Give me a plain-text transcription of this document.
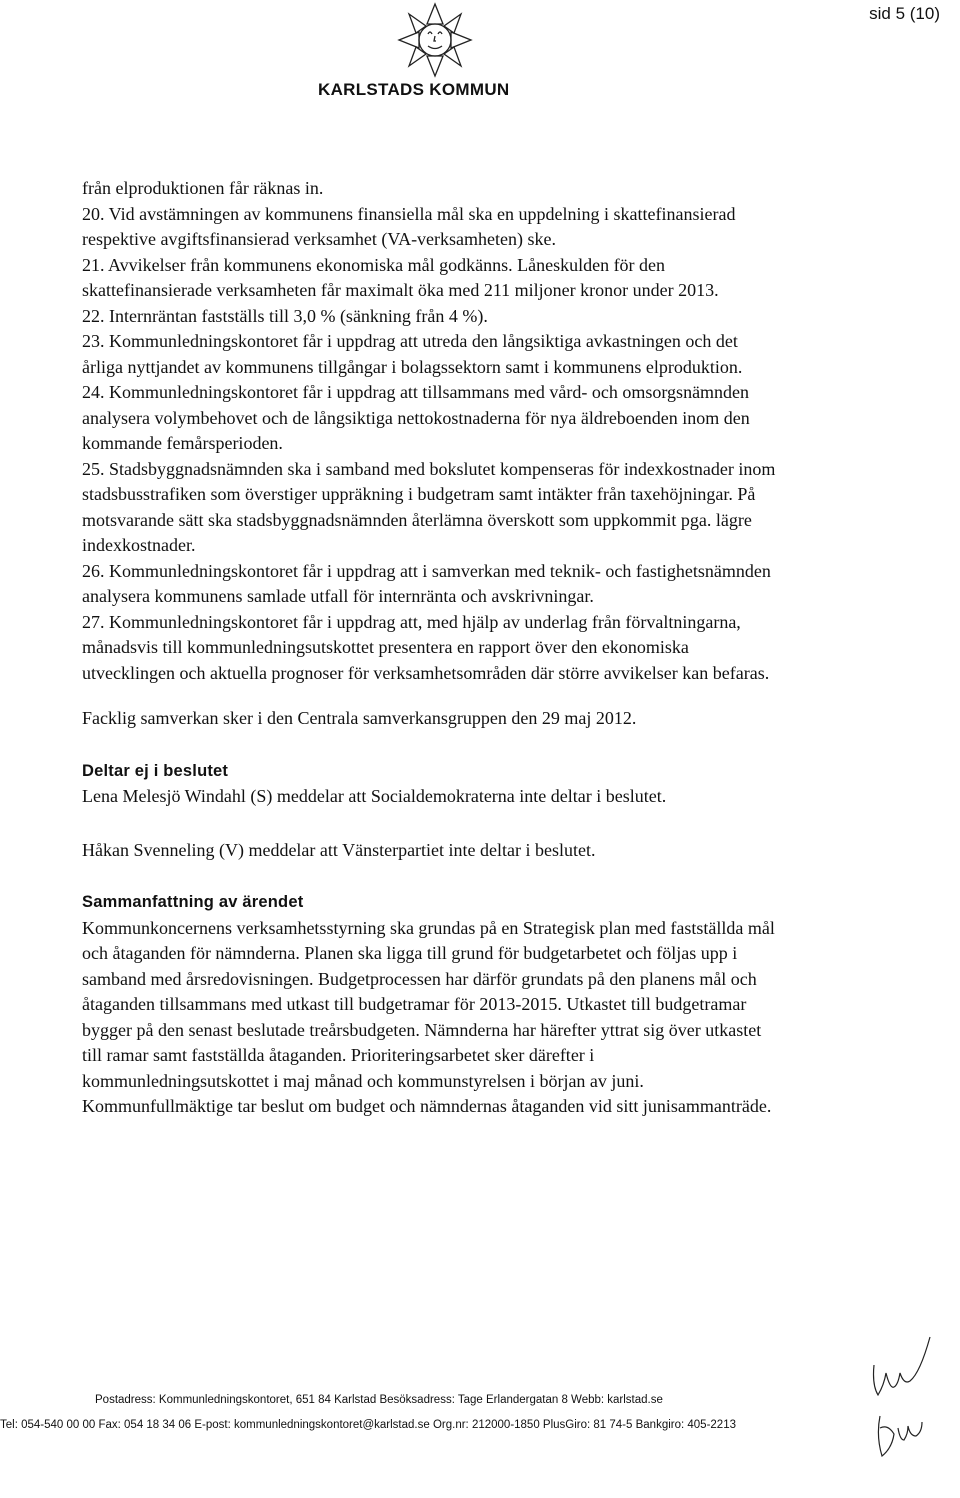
sid 5 (10)
KARLSTADS KOMMUN

från elproduktionen får räknas in.

20. Vid avstämningen av kommunens finansiella mål ska en uppdelning i skattefinansierad respektive avgiftsfinansierad verksamhet (VA-verksamheten) ske.

21. Avvikelser från kommunens ekonomiska mål godkänns. Låneskulden för den skattefinansierade verksamheten får maximalt öka med 211 miljoner kronor under 2013.

22. Internräntan fastställs till 3,0 % (sänkning från 4 %).

23. Kommunledningskontoret får i uppdrag att utreda den långsiktiga avkastningen och det årliga nyttjandet av kommunens tillgångar i bolagssektorn samt i kommunens elproduktion.

24. Kommunledningskontoret får i uppdrag att tillsammans med vård- och omsorgsnämnden analysera volymbehovet och de långsiktiga nettokostnaderna för nya äldreboenden inom den kommande femårsperioden.

25. Stadsbyggnadsnämnden ska i samband med bokslutet kompenseras för indexkostnader inom stadsbusstrafiken som överstiger uppräkning i budgetram samt intäkter från taxehöjningar. På motsvarande sätt ska stadsbyggnadsnämnden återlämna överskott som uppkommit pga. lägre indexkostnader.

26. Kommunledningskontoret får i uppdrag att i samverkan med teknik- och fastighetsnämnden analysera kommunens samlade utfall för internränta och avskrivningar.

27. Kommunledningskontoret får i uppdrag att, med hjälp av underlag från förvaltningarna, månadsvis till kommunledningsutskottet presentera en rapport över den ekonomiska utvecklingen och aktuella prognoser för verksamhetsområden där större avvikelser kan befaras.

Facklig samverkan sker i den Centrala samverkansgruppen den 29 maj 2012.

Deltar ej i beslutet

Lena Melesjö Windahl (S) meddelar att Socialdemokraterna inte deltar i beslutet.

Håkan Svenneling (V) meddelar att Vänsterpartiet inte deltar i beslutet.

Sammanfattning av ärendet

Kommunkoncernens verksamhetsstyrning ska grundas på en Strategisk plan med fastställda mål och åtaganden för nämnderna. Planen ska ligga till grund för budgetarbetet och följas upp i samband med årsredovisningen. Budgetprocessen har därför grundats på den planens mål och åtaganden tillsammans med utkast till budgetramar för 2013-2015. Utkastet till budgetramar bygger på den senast beslutade treårsbudgeten. Nämnderna har härefter yttrat sig över utkastet till ramar samt fastställda åtaganden. Prioriteringsarbetet sker därefter i kommunledningsutskottet i maj månad och kommunstyrelsen i början av juni. Kommunfullmäktige tar beslut om budget och nämndernas åtaganden vid sitt junisammanträde.

Postadress: Kommunledningskontoret, 651 84 Karlstad Besöksadress: Tage Erlandergatan 8 Webb: karlstad.se
Tel: 054-540 00 00 Fax: 054 18 34 06 E-post: kommunledningskontoret@karlstad.se Org.nr: 212000-1850 PlusGiro: 81 74-5 Bankgiro: 405-2213
